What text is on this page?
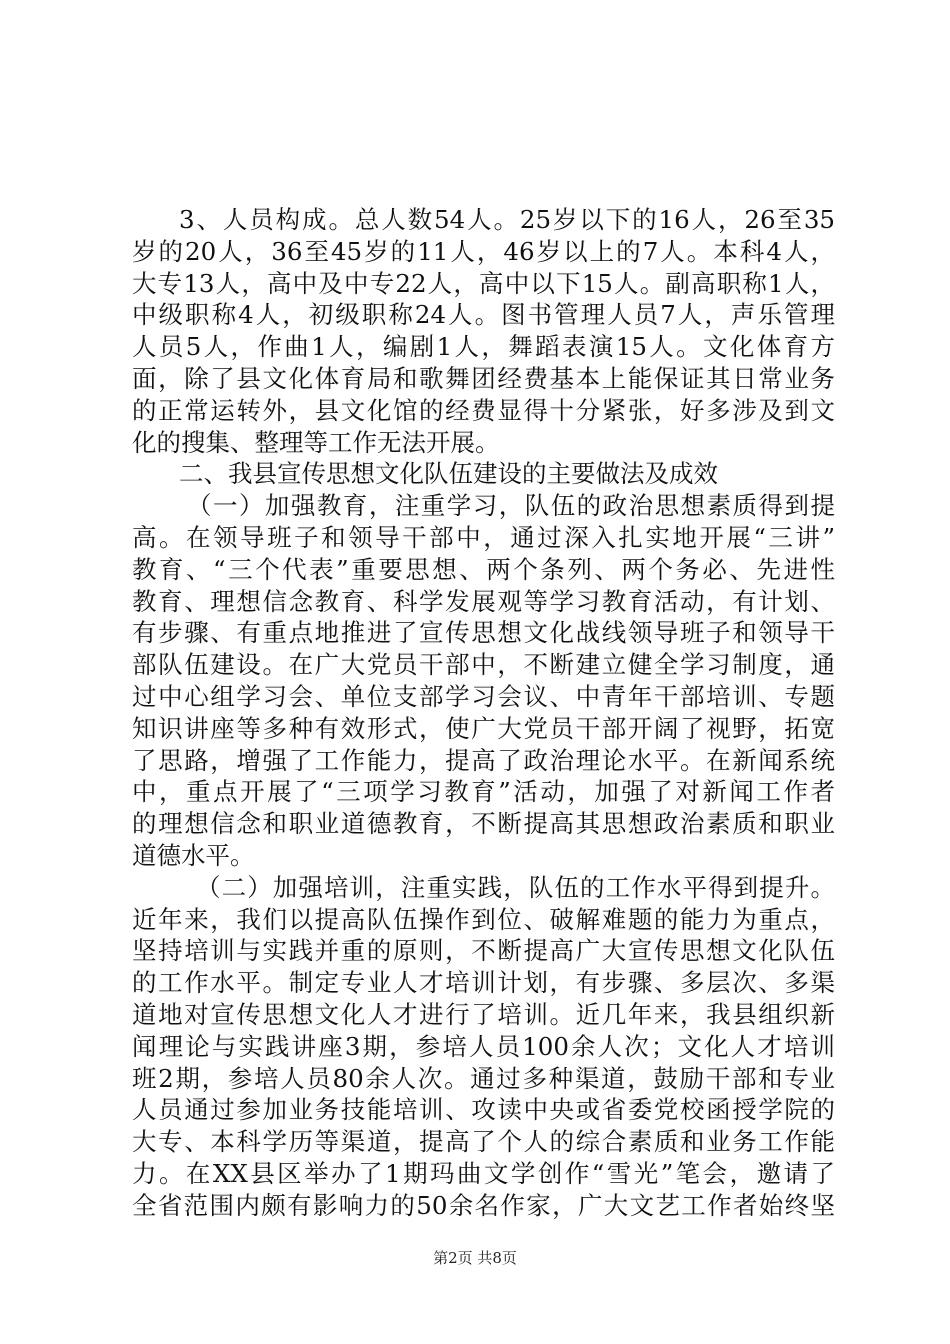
3、人员构成。总人数54人。25岁以下的16人，26至35
岁的20人，36至45岁的11人，46岁以上的7人。本科4人，
大专13人，高中及中专22人，高中以下15人。副高职称1人，
中级职称4人，初级职称24人。图书管理人员7人，声乐管理
人员5人，作曲1人，编剧1人，舞蹈表演15人。文化体育方
面，除了县文化体育局和歌舞团经费基本上能保证其日常业务
的正常运转外，县文化馆的经费显得十分紧张，好多涉及到文
化的搜集、整理等工作无法开展。
二、我县宣传思想文化队伍建设的主要做法及成效
（一）加强教育，注重学习，队伍的政治思想素质得到提
高。在领导班子和领导干部中，通过深入扎实地开展“三讲”
教育、“三个代表”重要思想、两个条列、两个务必、先进性
教育、理想信念教育、科学发展观等学习教育活动，有计划、
有步骤、有重点地推进了宣传思想文化战线领导班子和领导干
部队伍建设。在广大党员干部中，不断建立健全学习制度，通
过中心组学习会、单位支部学习会议、中青年干部培训、专题
知识讲座等多种有效形式，使广大党员干部开阔了视野，拓宽
了思路，增强了工作能力，提高了政治理论水平。在新闻系统
中，重点开展了“三项学习教育”活动，加强了对新闻工作者
的理想信念和职业道德教育，不断提高其思想政治素质和职业
道德水平。
（二）加强培训，注重实践，队伍的工作水平得到提升。
近年来，我们以提高队伍操作到位、破解难题的能力为重点，
坚持培训与实践并重的原则，不断提高广大宣传思想文化队伍
的工作水平。制定专业人才培训计划，有步骤、多层次、多渠
道地对宣传思想文化人才进行了培训。近几年来，我县组织新
闻理论与实践讲座3期，参培人员100余人次；文化人才培训
班2期，参培人员80余人次。通过多种渠道，鼓励干部和专业
人员通过参加业务技能培训、攻读中央或省委党校函授学院的
大专、本科学历等渠道，提高了个人的综合素质和业务工作能
力。在XX县区举办了1期玛曲文学创作“雪光”笔会，邀请了
全省范围内颇有影响力的50余名作家，广大文艺工作者始终坚
第2页 共8页
